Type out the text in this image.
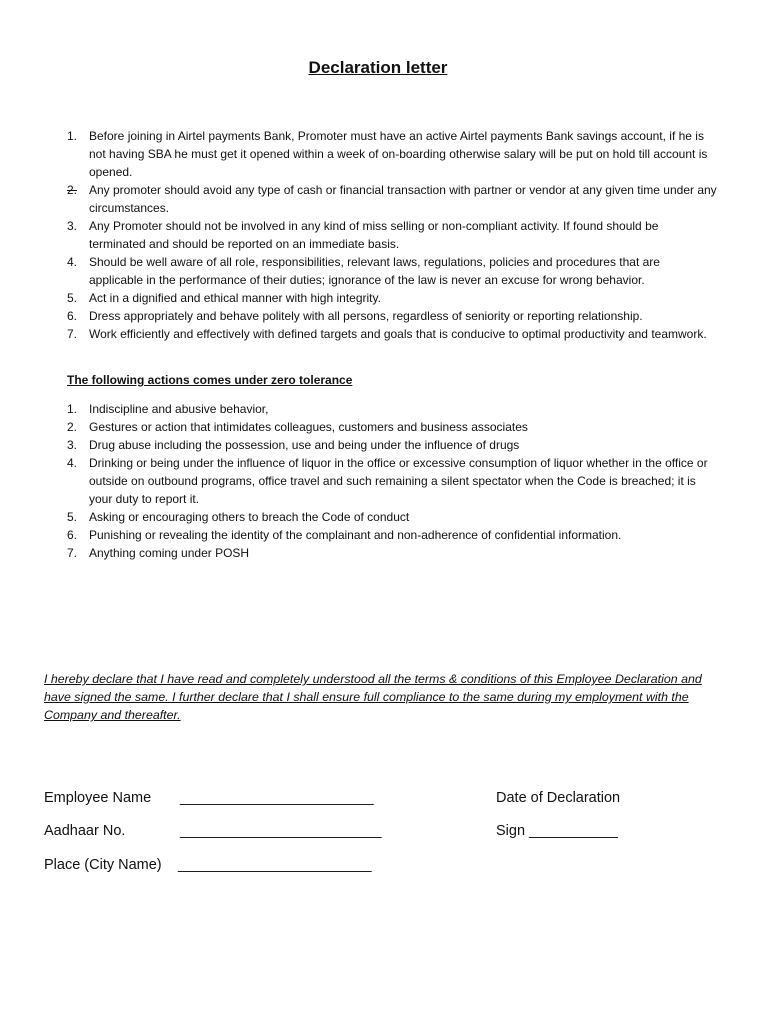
Declaration letter
1. Before joining in Airtel payments Bank, Promoter must have an active Airtel payments Bank savings account, if he is not having SBA he must get it opened within a week of on-boarding otherwise salary will be put on hold till account is opened.
2. Any promoter should avoid any type of cash or financial transaction with partner or vendor at any given time under any circumstances.
3. Any Promoter should not be involved in any kind of miss selling or non-compliant activity. If found should be terminated and should be reported on an immediate basis.
4. Should be well aware of all role, responsibilities, relevant laws, regulations, policies and procedures that are applicable in the performance of their duties; ignorance of the law is never an excuse for wrong behavior.
5. Act in a dignified and ethical manner with high integrity.
6. Dress appropriately and behave politely with all persons, regardless of seniority or reporting relationship.
7. Work efficiently and effectively with defined targets and goals that is conducive to optimal productivity and teamwork.
The following actions comes under zero tolerance
1. Indiscipline and abusive behavior,
2. Gestures or action that intimidates colleagues, customers and business associates
3. Drug abuse including the possession, use and being under the influence of drugs
4. Drinking or being under the influence of liquor in the office or excessive consumption of liquor whether in the office or outside on outbound programs, office travel and such remaining a silent spectator when the Code is breached; it is your duty to report it.
5. Asking or encouraging others to breach the Code of conduct
6. Punishing or revealing the identity of the complainant and non-adherence of confidential information.
7. Anything coming under POSH
I hereby declare that I have read and completely understood all the terms & conditions of this Employee Declaration and have signed the same. I further declare that I shall ensure full compliance to the same during my employment with the Company and thereafter.
Employee Name ________________________
Aadhaar No.	_________________________
Place (City Name) ________________________
Date of Declaration
Sign ___________
